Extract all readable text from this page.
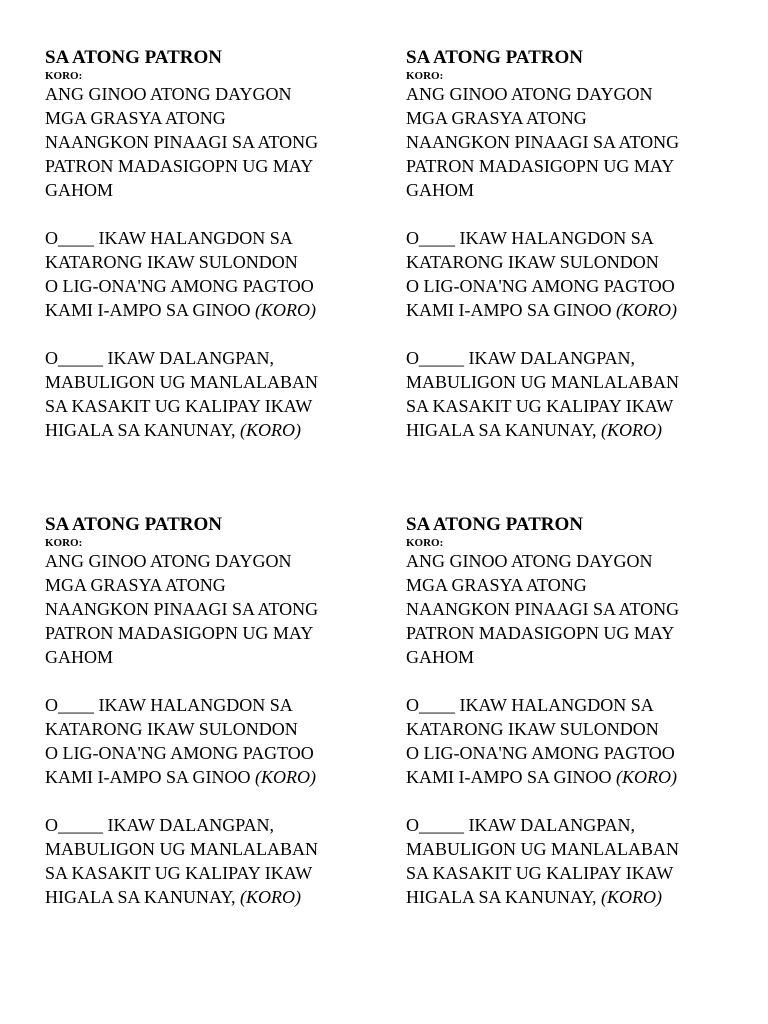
SA ATONG PATRON
KORO:
ANG GINOO ATONG DAYGON
MGA GRASYA ATONG
NAANGKON PINAAGI SA ATONG
PATRON MADASIGOPN UG MAY
GAHOM
O____ IKAW HALANGDON SA
KATARONG IKAW SULONDON
O LIG-ONA'NG AMONG PAGTOO
KAMI I-AMPO SA GINOO (KORO)
O_____ IKAW DALANGPAN,
MABULIGON UG MANLALABAN
SA KASAKIT UG KALIPAY IKAW
HIGALA SA KANUNAY, (KORO)
SA ATONG PATRON
KORO:
ANG GINOO ATONG DAYGON
MGA GRASYA ATONG
NAANGKON PINAAGI SA ATONG
PATRON MADASIGOPN UG MAY
GAHOM
O____ IKAW HALANGDON SA
KATARONG IKAW SULONDON
O LIG-ONA'NG AMONG PAGTOO
KAMI I-AMPO SA GINOO (KORO)
O_____ IKAW DALANGPAN,
MABULIGON UG MANLALABAN
SA KASAKIT UG KALIPAY IKAW
HIGALA SA KANUNAY, (KORO)
SA ATONG PATRON
KORO:
ANG GINOO ATONG DAYGON
MGA GRASYA ATONG
NAANGKON PINAAGI SA ATONG
PATRON MADASIGOPN UG MAY
GAHOM
O____ IKAW HALANGDON SA
KATARONG IKAW SULONDON
O LIG-ONA'NG AMONG PAGTOO
KAMI I-AMPO SA GINOO (KORO)
O_____ IKAW DALANGPAN,
MABULIGON UG MANLALABAN
SA KASAKIT UG KALIPAY IKAW
HIGALA SA KANUNAY, (KORO)
SA ATONG PATRON
KORO:
ANG GINOO ATONG DAYGON
MGA GRASYA ATONG
NAANGKON PINAAGI SA ATONG
PATRON MADASIGOPN UG MAY
GAHOM
O____ IKAW HALANGDON SA
KATARONG IKAW SULONDON
O LIG-ONA'NG AMONG PAGTOO
KAMI I-AMPO SA GINOO (KORO)
O_____ IKAW DALANGPAN,
MABULIGON UG MANLALABAN
SA KASAKIT UG KALIPAY IKAW
HIGALA SA KANUNAY, (KORO)
